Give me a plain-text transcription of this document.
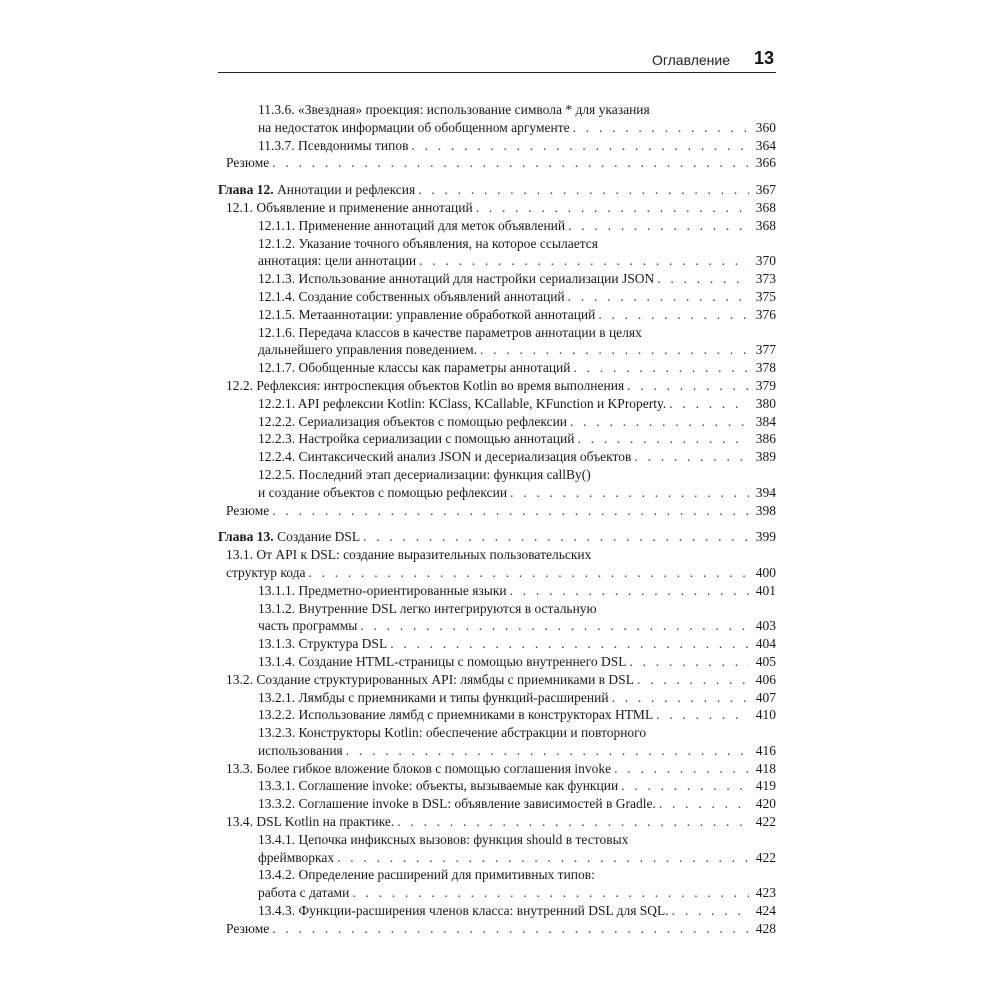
Оглавление 13
11.3.6. «Звездная» проекция: использование символа * для указания
на недостаток информации об обобщенном аргументе . . .	360
11.3.7. Псевдонимы типов . . .	364
Резюме . . .	366
Глава 12. Аннотации и рефлексия . . .	367
12.1. Объявление и применение аннотаций . . .	368
12.1.1. Применение аннотаций для меток объявлений . . .	368
12.1.2. Указание точного объявления, на которое ссылается
аннотация: цели аннотации . . .	370
12.1.3. Использование аннотаций для настройки сериализации JSON . . .	373
12.1.4. Создание собственных объявлений аннотаций . . .	375
12.1.5. Метааннотации: управление обработкой аннотаций . . .	376
12.1.6. Передача классов в качестве параметров аннотации в целях
дальнейшего управления поведением. . . .	377
12.1.7. Обобщенные классы как параметры аннотаций . . .	378
12.2. Рефлексия: интроспекция объектов Kotlin во время выполнения . . .	379
12.2.1. API рефлексии Kotlin: KClass, KCallable, KFunction и KProperty. . . .	380
12.2.2. Сериализация объектов с помощью рефлексии . . .	384
12.2.3. Настройка сериализации с помощью аннотаций . . .	386
12.2.4. Синтаксический анализ JSON и десериализация объектов . . .	389
12.2.5. Последний этап десериализации: функция callBy()
и создание объектов с помощью рефлексии . . .	394
Резюме . . .	398
Глава 13. Создание DSL . . .	399
13.1. От API к DSL: создание выразительных пользовательских
структур кода . . .	400
13.1.1. Предметно-ориентированные языки . . .	401
13.1.2. Внутренние DSL легко интегрируются в остальную
часть программы . . .	403
13.1.3. Структура DSL . . .	404
13.1.4. Создание HTML-страницы с помощью внутреннего DSL . . .	405
13.2. Создание структурированных API: лямбды с приемниками в DSL . . .	406
13.2.1. Лямбды с приемниками и типы функций-расширений . . .	407
13.2.2. Использование лямбд с приемниками в конструкторах HTML . . .	410
13.2.3. Конструкторы Kotlin: обеспечение абстракции и повторного
использования . . .	416
13.3. Более гибкое вложение блоков с помощью соглашения invoke . . .	418
13.3.1. Соглашение invoke: объекты, вызываемые как функции . . .	419
13.3.2. Соглашение invoke в DSL: объявление зависимостей в Gradle. . . .	420
13.4. DSL Kotlin на практике. . . .	422
13.4.1. Цепочка инфиксных вызовов: функция should в тестовых
фреймворках . . .	422
13.4.2. Определение расширений для примитивных типов:
работа с датами . . .	423
13.4.3. Функции-расширения членов класса: внутренний DSL для SQL. . . .	424
Резюме . . .	428
